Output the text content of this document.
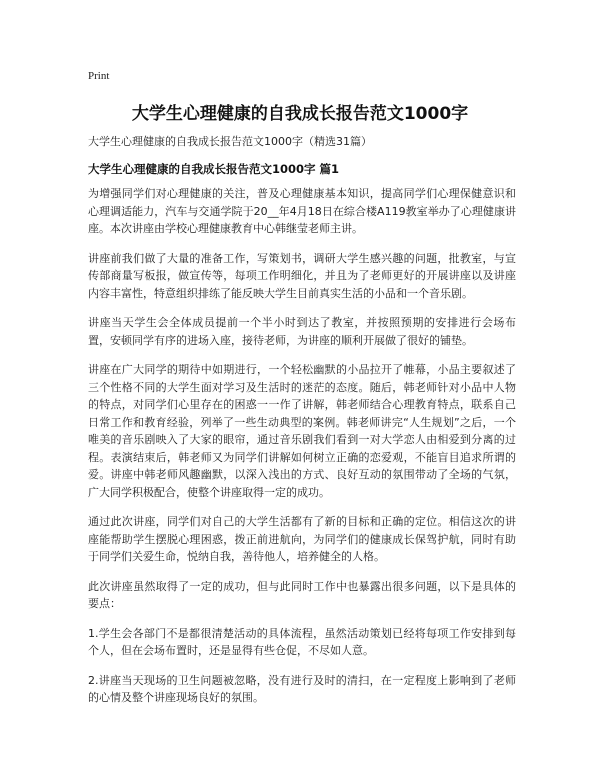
Print
大学生心理健康的自我成长报告范文1000字
大学生心理健康的自我成长报告范文1000字（精选31篇）
大学生心理健康的自我成长报告范文1000字 篇1

为增强同学们对心理健康的关注，普及心理健康基本知识，提高同学们心理保健意识和心理调适能力，汽车与交通学院于20__年4月18日在综合楼A119教室举办了心理健康讲座。本次讲座由学校心理健康教育中心韩继莹老师主讲。

讲座前我们做了大量的准备工作，写策划书，调研大学生感兴趣的问题，批教室，与宣传部商量写板报，做宣传等，每项工作明细化，并且为了老师更好的开展讲座以及讲座内容丰富性，特意组织排练了能反映大学生目前真实生活的小品和一个音乐剧。

讲座当天学生会全体成员提前一个半小时到达了教室，并按照预期的安排进行会场布置，安顿同学有序的进场入座，接待老师，为讲座的顺利开展做了很好的铺垫。

讲座在广大同学的期待中如期进行，一个轻松幽默的小品拉开了帷幕，小品主要叙述了三个性格不同的大学生面对学习及生活时的迷茫的态度。随后，韩老师针对小品中人物的特点，对同学们心里存在的困惑一一作了讲解，韩老师结合心理教育特点，联系自己日常工作和教育经验，列举了一些生动典型的案例。韩老师讲完“人生规划”之后，一个唯美的音乐剧映入了大家的眼帘，通过音乐剧我们看到一对大学恋人由相爱到分离的过程。表演结束后，韩老师又为同学们讲解如何树立正确的恋爱观，不能盲目追求所谓的爱。讲座中韩老师风趣幽默，以深入浅出的方式、良好互动的氛围带动了全场的气氛，广大同学积极配合，使整个讲座取得一定的成功。

通过此次讲座，同学们对自己的大学生活都有了新的目标和正确的定位。相信这次的讲座能帮助学生摆脱心理困惑，拨正前进航向，为同学们的健康成长保驾护航，同时有助于同学们关爱生命，悦纳自我，善待他人，培养健全的人格。

此次讲座虽然取得了一定的成功，但与此同时工作中也暴露出很多问题，以下是具体的要点：

1.学生会各部门不是都很清楚活动的具体流程，虽然活动策划已经将每项工作安排到每个人，但在会场布置时，还是显得有些仓促，不尽如人意。

2.讲座当天现场的卫生问题被忽略，没有进行及时的清扫，在一定程度上影响到了老师的心情及整个讲座现场良好的氛围。
